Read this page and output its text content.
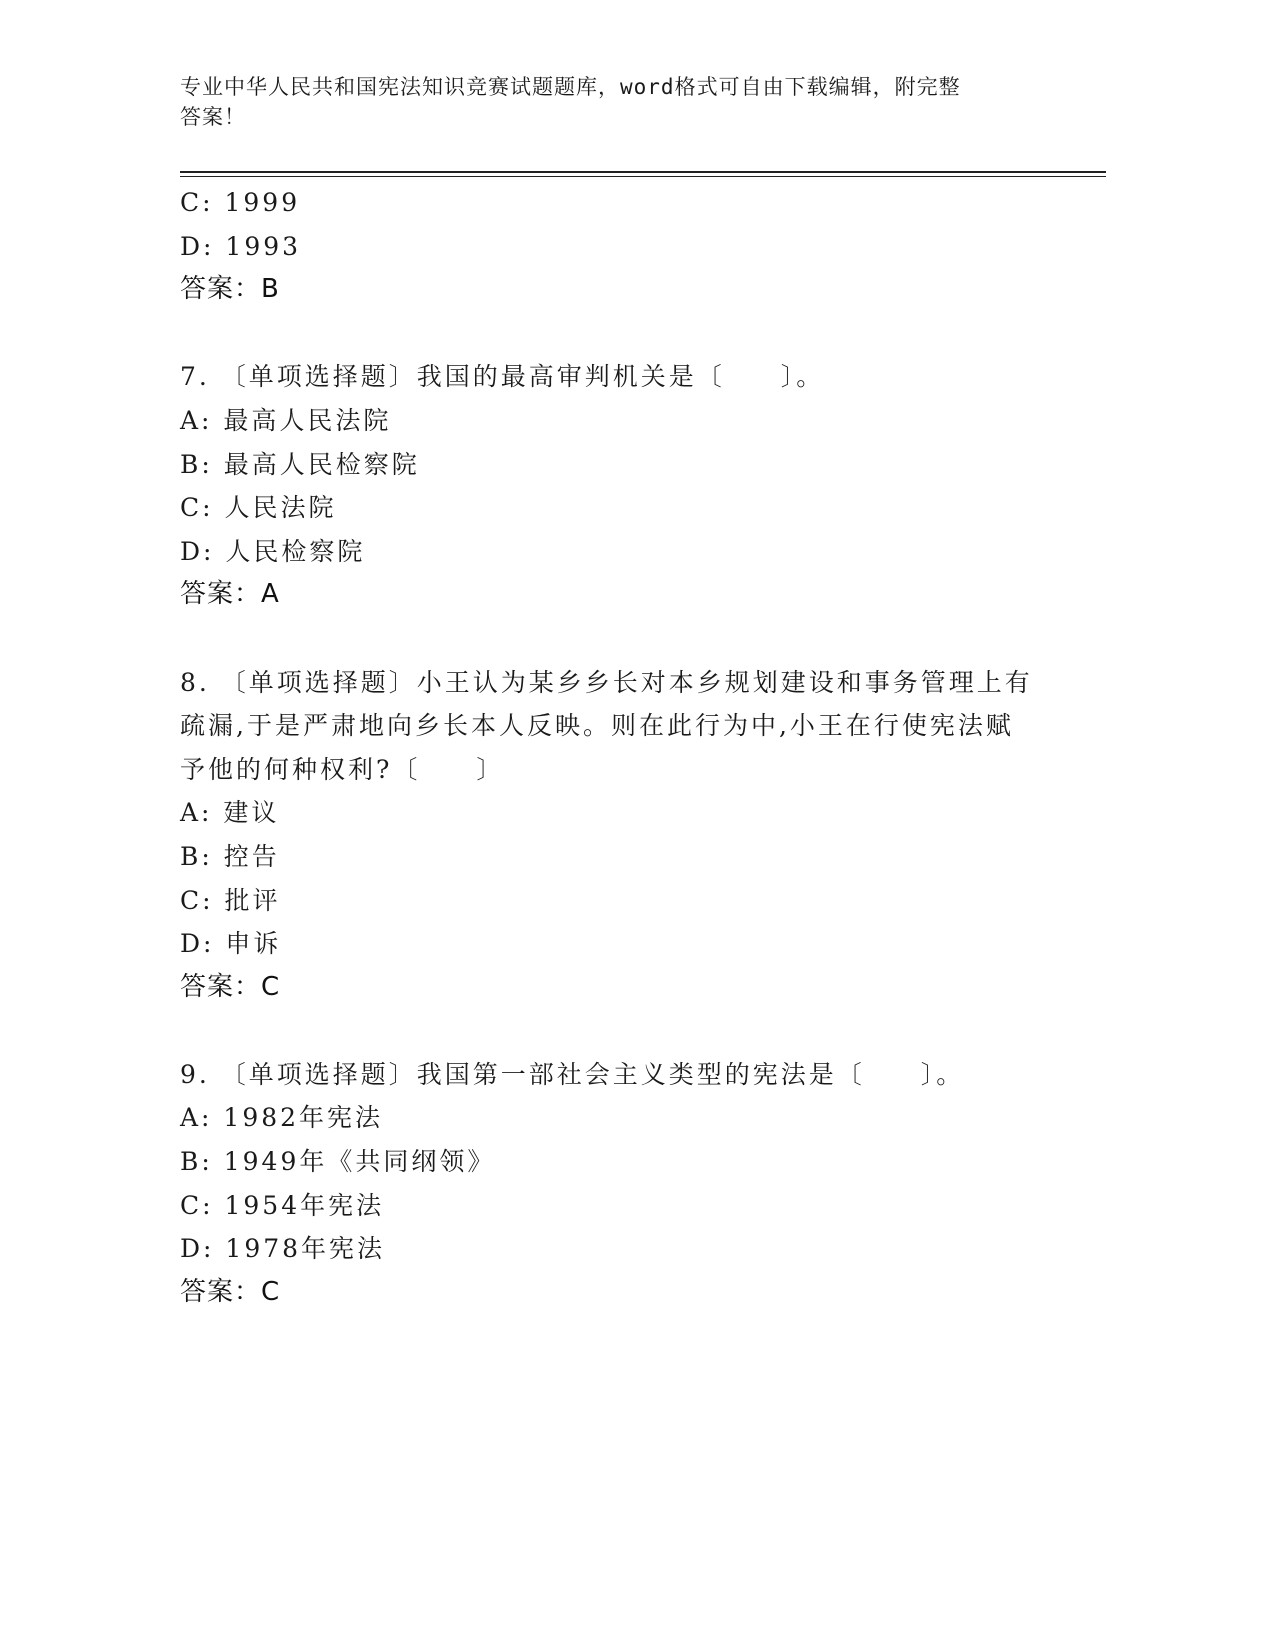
专业中华人民共和国宪法知识竞赛试题题库，word格式可自由下载编辑，附完整
答案！
C: 1999
D: 1993
答案：B
7. 〔单项选择题〕我国的最高审判机关是〔　　〕。
A: 最高人民法院
B: 最高人民检察院
C: 人民法院
D: 人民检察院
答案：A
8. 〔单项选择题〕小王认为某乡乡长对本乡规划建设和事务管理上有
疏漏,于是严肃地向乡长本人反映。则在此行为中,小王在行使宪法赋
予他的何种权利?〔　　〕
A: 建议
B: 控告
C: 批评
D: 申诉
答案：C
9. 〔单项选择题〕我国第一部社会主义类型的宪法是〔　　〕。
A: 1982年宪法
B: 1949年《共同纲领》
C: 1954年宪法
D: 1978年宪法
答案：C
